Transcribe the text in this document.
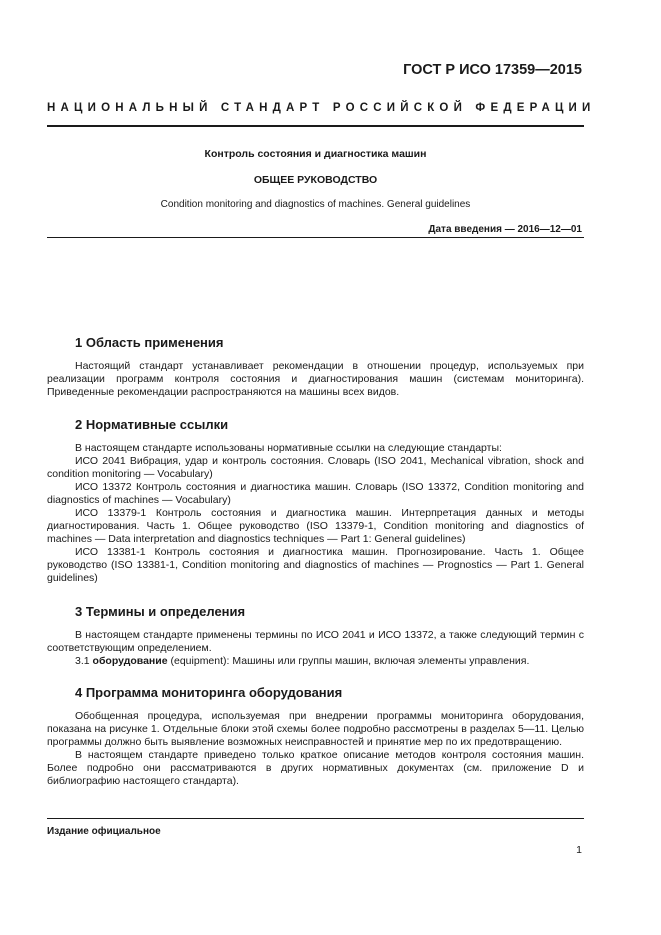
ГОСТ Р ИСО 17359—2015
НАЦИОНАЛЬНЫЙ СТАНДАРТ РОССИЙСКОЙ ФЕДЕРАЦИИ
Контроль состояния и диагностика машин
ОБЩЕЕ РУКОВОДСТВО
Condition monitoring and diagnostics of machines. General guidelines
Дата введения — 2016—12—01
1 Область применения

Настоящий стандарт устанавливает рекомендации в отношении процедур, используемых при реализации программ контроля состояния и диагностирования машин (системам мониторинга). Приведенные рекомендации распространяются на машины всех видов.

2 Нормативные ссылки

В настоящем стандарте использованы нормативные ссылки на следующие стандарты:

ИСО 2041 Вибрация, удар и контроль состояния. Словарь (ISO 2041, Mechanical vibration, shock and condition monitoring — Vocabulary)

ИСО 13372 Контроль состояния и диагностика машин. Словарь (ISO 13372, Condition monitoring and diagnostics of machines — Vocabulary)

ИСО 13379-1 Контроль состояния и диагностика машин. Интерпретация данных и методы диагностирования. Часть 1. Общее руководство (ISO 13379-1, Condition monitoring and diagnostics of machines — Data interpretation and diagnostics techniques — Part 1: General guidelines)

ИСО 13381-1 Контроль состояния и диагностика машин. Прогнозирование. Часть 1. Общее руководство (ISO 13381-1, Condition monitoring and diagnostics of machines — Prognostics — Part 1. General guidelines)

3 Термины и определения

В настоящем стандарте применены термины по ИСО 2041 и ИСО 13372, а также следующий термин с соответствующим определением.

3.1 оборудование (equipment): Машины или группы машин, включая элементы управления.

4 Программа мониторинга оборудования

Обобщенная процедура, используемая при внедрении программы мониторинга оборудования, показана на рисунке 1. Отдельные блоки этой схемы более подробно рассмотрены в разделах 5—11. Целью программы должно быть выявление возможных неисправностей и принятие мер по их предотвращению.

В настоящем стандарте приведено только краткое описание методов контроля состояния машин. Более подробно они рассматриваются в других нормативных документах (см. приложение D и библиографию настоящего стандарта).

Издание официальное
1
